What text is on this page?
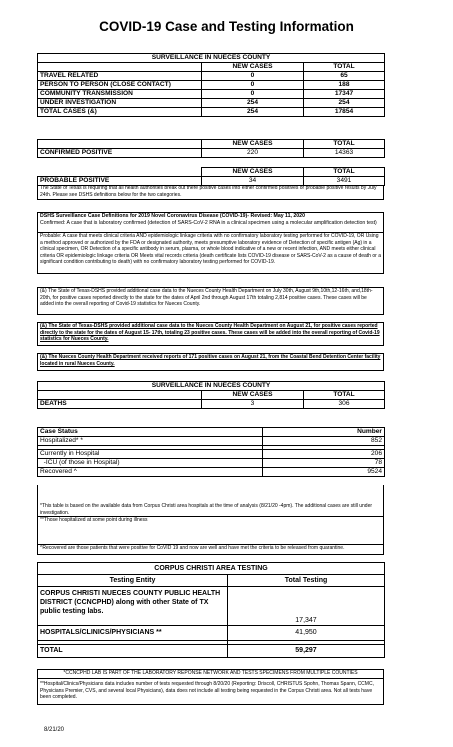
COVID-19 Case and Testing Information
SURVEILLANCE IN NUECES COUNTY		
	NEW CASES	TOTAL
TRAVEL RELATED	0	65
PERSON TO PERSON (CLOSE CONTACT)	0	188
COMMUNITY TRANSMISSION	0	17347
UNDER INVESTIGATION	254	254
TOTAL CASES (&)	254	17854
	NEW CASES	TOTAL
CONFIRMED POSITIVE	220	14363
	NEW CASES	TOTAL
PROBABLE POSITIVE	34	3491
The State of Texas is requiring that all health authorities break out there positive cases into either confirmed positives or probable positive results by July 24th. Please see DSHS definitions below for the two categories.
DSHS Surveillance Case Definitions for 2019 Novel Coronavirus Disease (COVID-19)- Revised: May 11, 2020
Confirmed: A case that is laboratory confirmed (detection of SARS-CoV-2 RNA in a clinical specimen using a molecular amplification detection test)
Probable: A case that meets clinical criteria AND epidemiologic linkage criteria with no confirmatory laboratory testing performed for COVID-19, OR Using a method approved or authorized by the FDA or designated authority, meets presumptive laboratory evidence of Detection of specific antigen (Ag) in a clinical specimen, OR Detection of a specific antibody in serum, plasma, or whole blood indicative of a new or recent infection, AND meets either clinical criteria OR epidemiologic linkage criteria OR Meets vital records criteria (death certificate lists COVID-19 disease or SARS-CoV-2 as a cause of death or a significant condition contributing to death) with no confirmatory laboratory testing performed for COVID-19.
(&) The State of Texas-DSHS provided additional case data to the Nueces County Health Department on July 30th, August 9th,10th,12-16th, and,18th-20th, for positive cases reported directly to the state for the dates of April 2nd through August 17th totaling 2,814 positive cases. These cases will be added into the overall reporting of Covid-19 statistics for Nueces County.
(&) The State of Texas-DSHS provided additional case data to the Nueces County Health Department on August 21, for positive cases reported directly to the state for the dates of August 15- 17th, totaling 23 positive cases. These cases will be added into the overall reporting of Covid-19 statistics for Nueces County.
(&) The Nueces County Health Department received reports of 171 positive cases on August 21, from the Coastal Bend Detention Center facility located in rural Nueces County.
SURVEILLANCE IN NUECES COUNTY		
	NEW CASES	TOTAL
DEATHS	3	306
Case Status	Number
Hospitalized* *	852

Currently in Hospital	206
-ICU (of those in Hospital)	78
Recovered ^	9524
*This table is based on the available data from Corpus Christi area hospitals at the time of analysis (8/21/20 -4pm). The additional cases are still under investigation.
**Those hospitalized at some point during illness
^Recovered are those patients that were positive for CoVID 19 and now are well and have met the criteria to be released from quarantine.
CORPUS CHRISTI AREA TESTING	
Testing Entity	Total Testing
CORPUS CHRISTI NUECES COUNTY PUBLIC HEALTH DISTRICT (CCNCPHD) along with other State of TX public testing labs.	17,347
HOSPITALS/CLINICS/PHYSICIANS **	41,950

TOTAL	59,297
*CCNCPHD LAB IS PART OF THE LABORATORY REPONSE NETWORK AND TESTS SPECIMENS FROM MULTIPLE COUNTIES
**Hospital/Clinics/Physicians data includes number of tests requested through 8/20/20 (Reporting: Driscoll, CHRISTUS Spohn, Thomas Spann, CCMC, Physicians Premier, CVS, and several local Physicians), data does not include all testing being requested in the Corpus Christi area. Not all tests have been completed.
8/21/20
